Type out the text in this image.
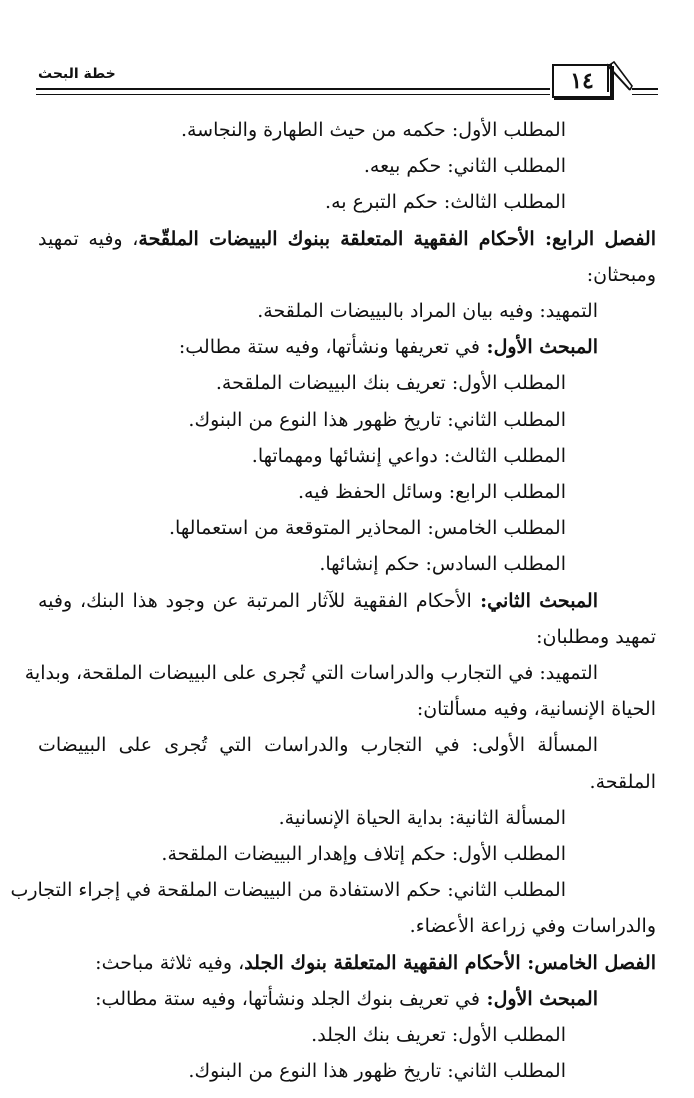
خطة البحث	١٤
المطلب الأول: حكمه من حيث الطهارة والنجاسة.
المطلب الثاني: حكم بيعه.
المطلب الثالث: حكم التبرع به.
الفصل الرابع: الأحكام الفقهية المتعلقة ببنوك البييضات الملقّحة، وفيه تمهيد
ومبحثان:
التمهيد: وفيه بيان المراد بالبييضات الملقحة.
المبحث الأول: في تعريفها ونشأتها، وفيه ستة مطالب:
المطلب الأول: تعريف بنك البييضات الملقحة.
المطلب الثاني: تاريخ ظهور هذا النوع من البنوك.
المطلب الثالث: دواعي إنشائها ومهماتها.
المطلب الرابع: وسائل الحفظ فيه.
المطلب الخامس: المحاذير المتوقعة من استعمالها.
المطلب السادس: حكم إنشائها.
المبحث الثاني: الأحكام الفقهية للآثار المرتبة عن وجود هذا البنك، وفيه
تمهيد ومطلبان:
التمهيد: في التجارب والدراسات التي تُجرى على البييضات الملقحة، وبداية
الحياة الإنسانية، وفيه مسألتان:
المسألة الأولى: في التجارب والدراسات التي تُجرى على البييضات
الملقحة.
المسألة الثانية: بداية الحياة الإنسانية.
المطلب الأول: حكم إتلاف وإهدار البييضات الملقحة.
المطلب الثاني: حكم الاستفادة من البييضات الملقحة في إجراء التجارب
والدراسات وفي زراعة الأعضاء.
الفصل الخامس: الأحكام الفقهية المتعلقة بنوك الجلد، وفيه ثلاثة مباحث:
المبحث الأول: في تعريف بنوك الجلد ونشأتها، وفيه ستة مطالب:
المطلب الأول: تعريف بنك الجلد.
المطلب الثاني: تاريخ ظهور هذا النوع من البنوك.
